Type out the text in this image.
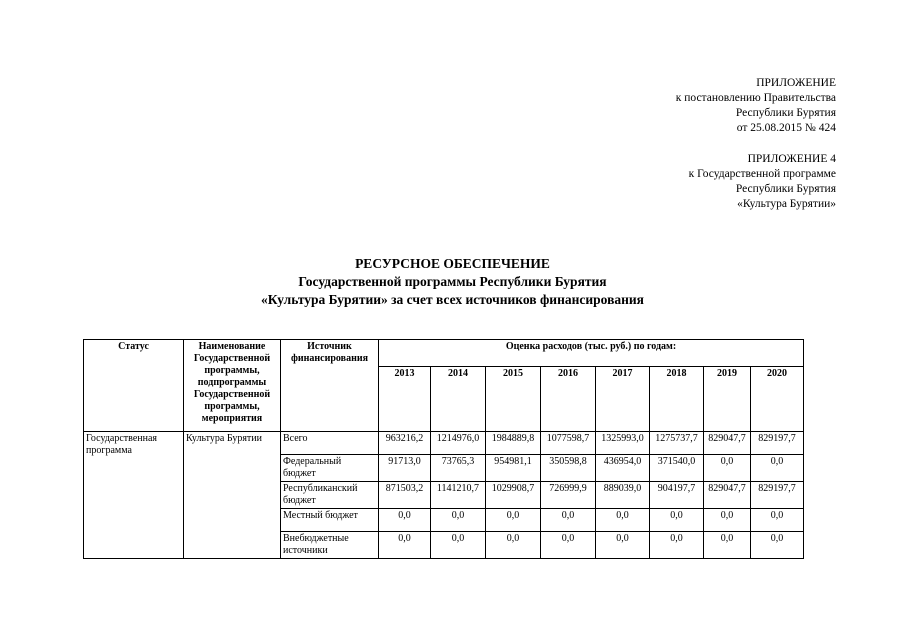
ПРИЛОЖЕНИЕ
к постановлению Правительства
Республики Бурятия
от 25.08.2015 № 424
ПРИЛОЖЕНИЕ 4
к Государственной программе
Республики Бурятия
«Культура Бурятии»
РЕСУРСНОЕ ОБЕСПЕЧЕНИЕ
Государственной программы Республики Бурятия
«Культура Бурятии» за счет всех источников финансирования
Статус	Наименование Государственной программы, подпрограммы Государственной программы, мероприятия	Источник финансирования	Оценка расходов (тыс. руб.) по годам:							
			2013	2014	2015	2016	2017	2018	2019	2020
Государственная программа	Культура Бурятии	Всего	963216,2	1214976,0	1984889,8	1077598,7	1325993,0	1275737,7	829047,7	829197,7
		Федеральный бюджет	91713,0	73765,3	954981,1	350598,8	436954,0	371540,0	0,0	0,0
		Республиканский бюджет	871503,2	1141210,7	1029908,7	726999,9	889039,0	904197,7	829047,7	829197,7
		Местный бюджет	0,0	0,0	0,0	0,0	0,0	0,0	0,0	0,0
		Внебюджетные источники	0,0	0,0	0,0	0,0	0,0	0,0	0,0	0,0
